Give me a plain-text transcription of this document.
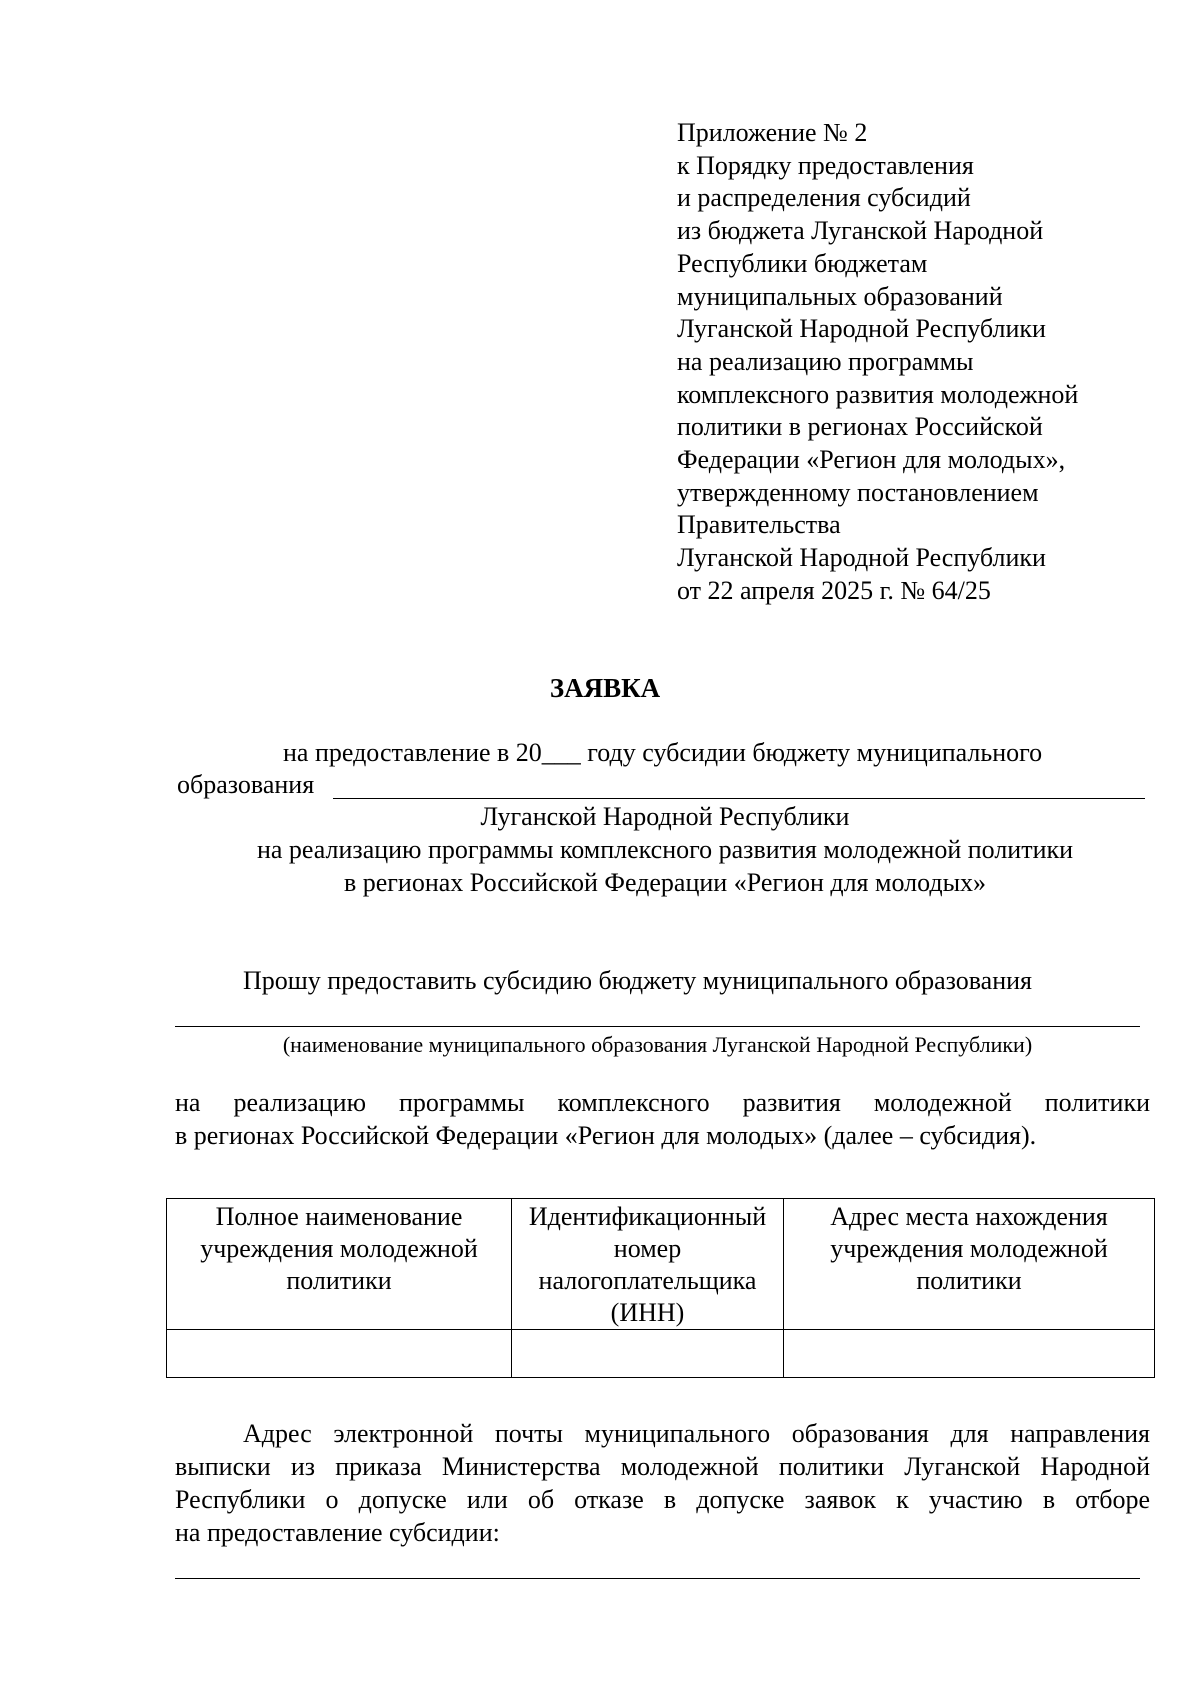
Приложение № 2
к Порядку предоставления
и распределения субсидий
из бюджета Луганской Народной
Республики бюджетам
муниципальных образований
Луганской Народной Республики
на реализацию программы
комплексного развития молодежной
политики в регионах Российской
Федерации «Регион для молодых»,
утвержденному постановлением
Правительства
Луганской Народной Республики
от 22 апреля 2025 г. № 64/25
ЗАЯВКА
на предоставление в 20___ году субсидии бюджету муниципального
образования
Луганской Народной Республики
на реализацию программы комплексного развития молодежной политики
в регионах Российской Федерации «Регион для молодых»
Прошу предоставить субсидию бюджету муниципального образования
(наименование муниципального образования Луганской Народной Республики)
на реализацию программы комплексного развития молодежной политики
в регионах Российской Федерации «Регион для молодых» (далее – субсидия).
Полное наименование учреждения молодежной политики	Идентификационный номер налогоплательщика (ИНН)	Адрес места нахождения учреждения молодежной политики

Адрес электронной почты муниципального образования для направления
выписки из приказа Министерства молодежной политики Луганской Народной
Республики о допуске или об отказе в допуске заявок к участию в отборе
на предоставление субсидии:
